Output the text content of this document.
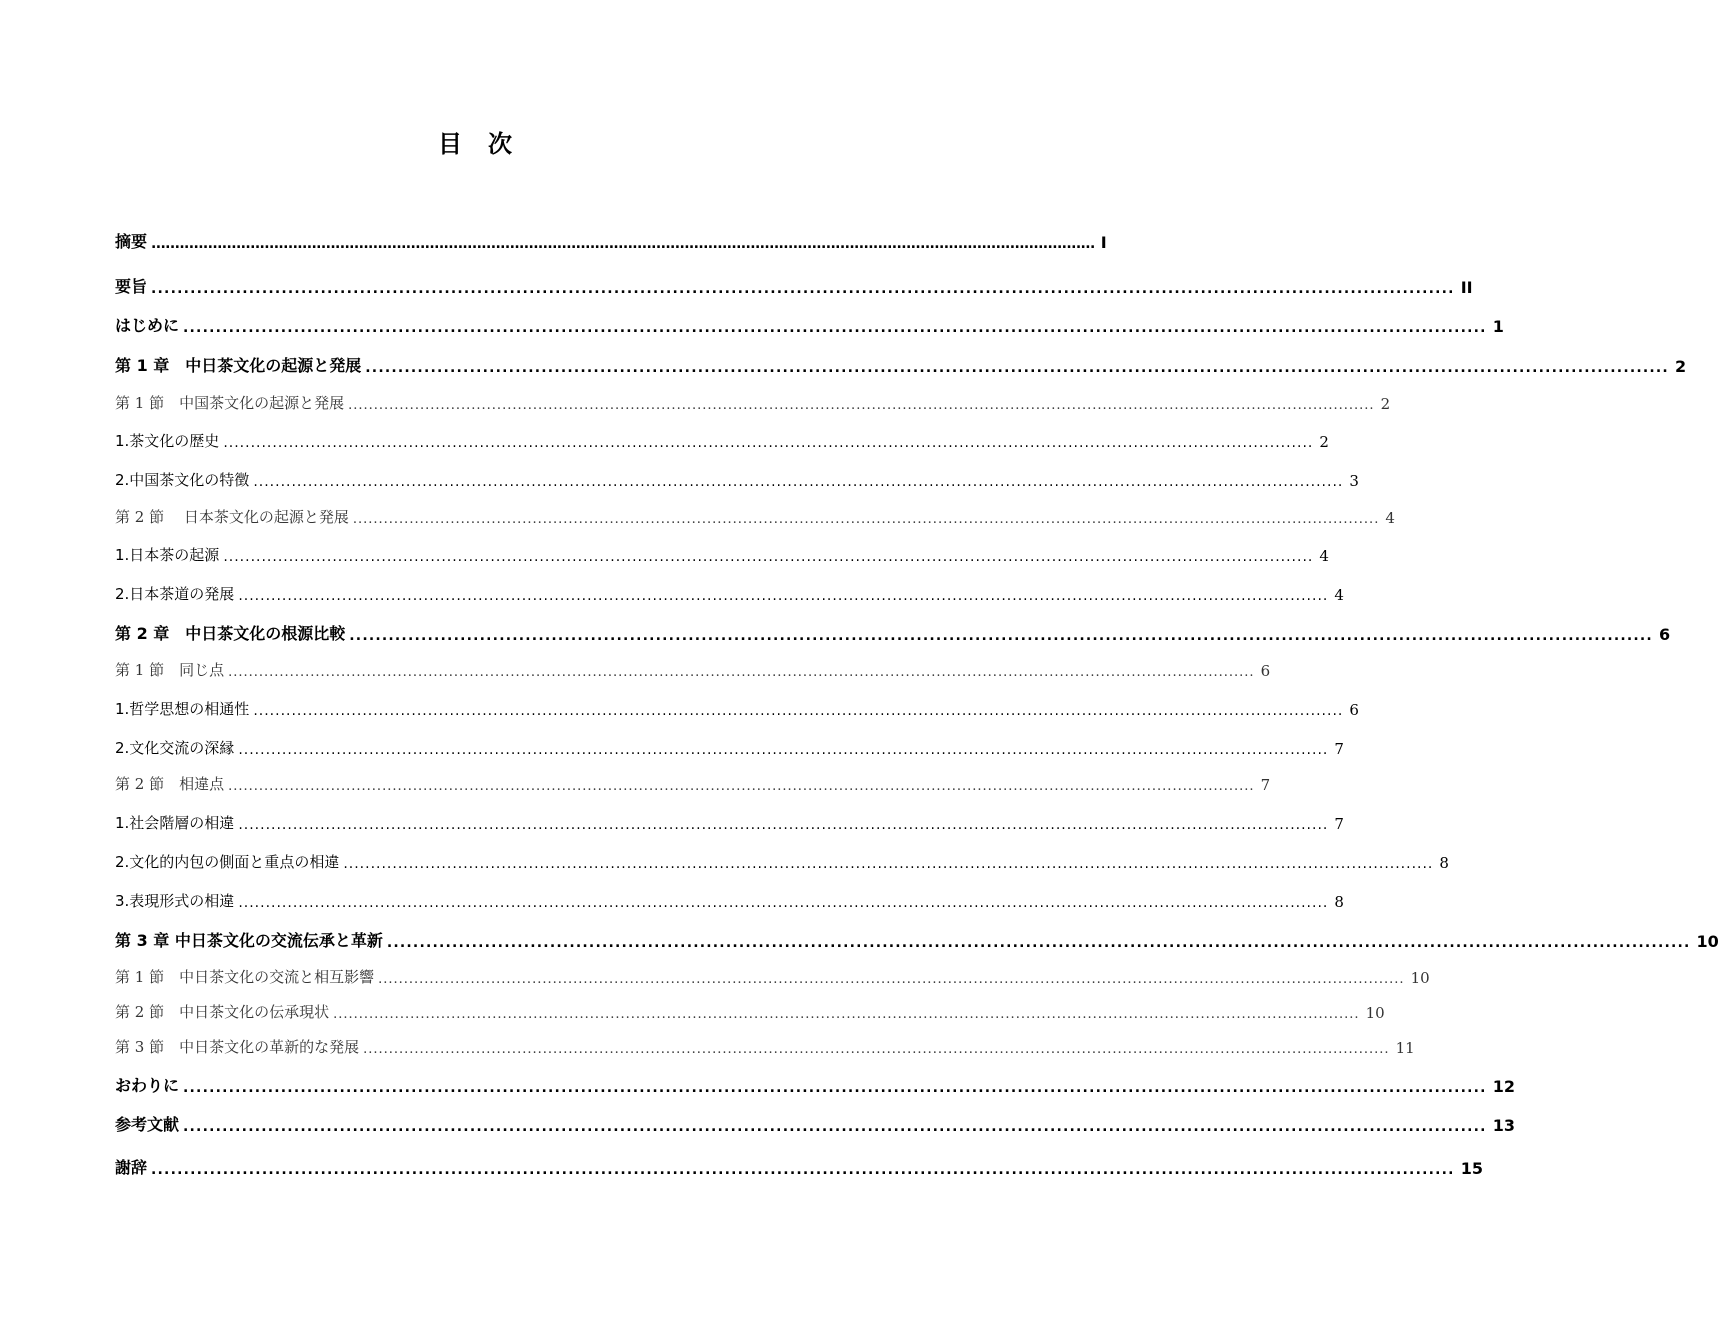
目 次
摘要 ........................................................................................................................................................................................................ I
要旨 ........................................................................................................................................................................................................ II
はじめに ........................................................................................................................................................................................................ 1
第 1 章　中日茶文化の起源と発展 ........................................................................................................................................................................................................ 2
第 1 節　中国茶文化の起源と発展 ........................................................................................................................................................................................................ 2
1.茶文化の歴史 ........................................................................................................................................................................................................ 2
2.中国茶文化の特徴 ........................................................................................................................................................................................................ 3
第 2 節　 日本茶文化の起源と発展 ........................................................................................................................................................................................................ 4
1.日本茶の起源 ........................................................................................................................................................................................................ 4
2.日本茶道の発展 ........................................................................................................................................................................................................ 4
第 2 章　中日茶文化の根源比較 ........................................................................................................................................................................................................ 6
第 1 節　同じ点 ........................................................................................................................................................................................................ 6
1.哲学思想の相通性 ........................................................................................................................................................................................................ 6
2.文化交流の深縁 ........................................................................................................................................................................................................ 7
第 2 節　相違点 ........................................................................................................................................................................................................ 7
1.社会階層の相違 ........................................................................................................................................................................................................ 7
2.文化的内包の側面と重点の相違 ........................................................................................................................................................................................................ 8
3.表現形式の相違 ........................................................................................................................................................................................................ 8
第 3 章 中日茶文化の交流伝承と革新 ........................................................................................................................................................................................................ 10
第 1 節　中日茶文化の交流と相互影響 ........................................................................................................................................................................................................ 10
第 2 節　中日茶文化の伝承現状 ........................................................................................................................................................................................................ 10
第 3 節　中日茶文化の革新的な発展 ........................................................................................................................................................................................................ 11
おわりに ........................................................................................................................................................................................................ 12
参考文献 ........................................................................................................................................................................................................ 13
謝辞 ........................................................................................................................................................................................................ 15
